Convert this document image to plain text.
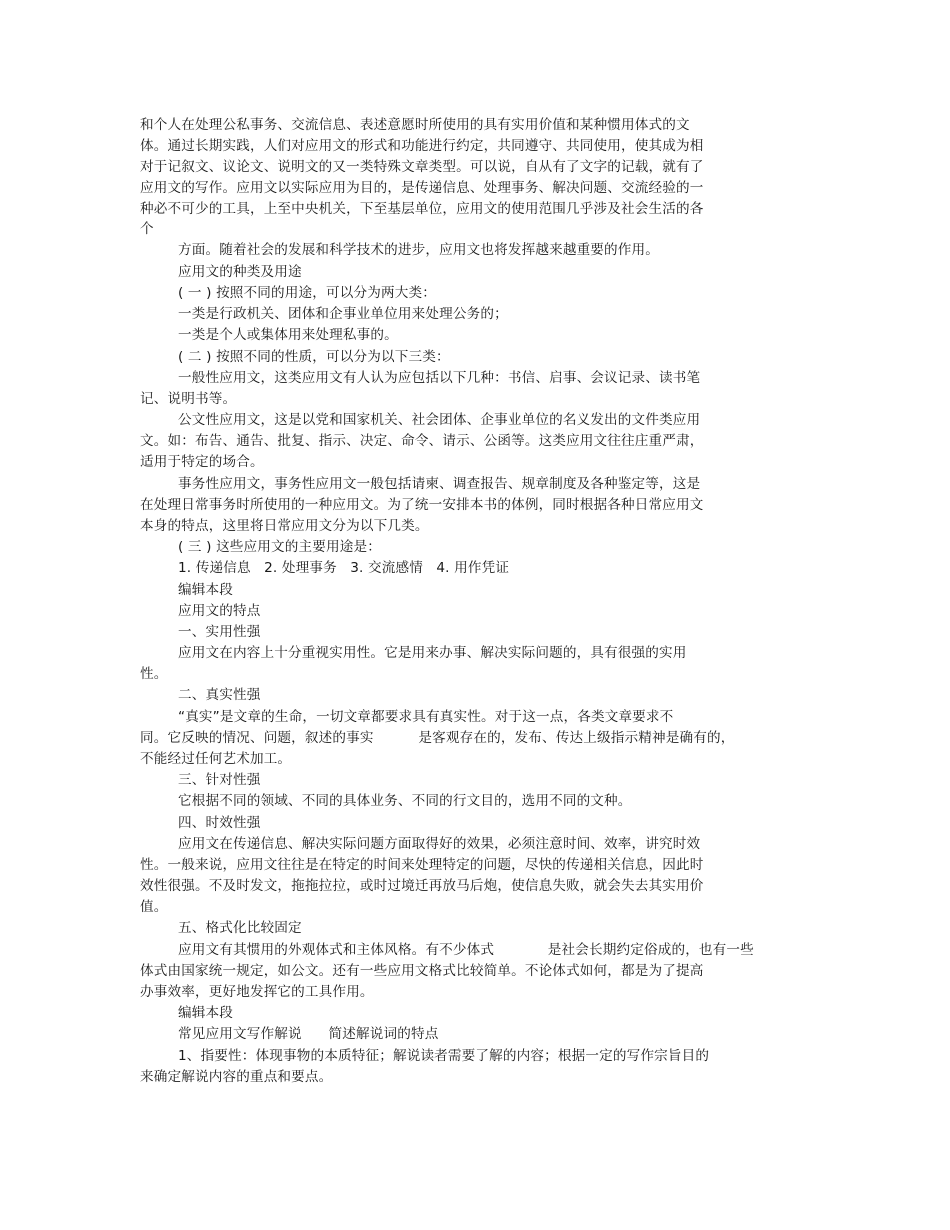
和个人在处理公私事务、交流信息、表述意愿时所使用的具有实用价值和某种惯用体式的文
体。通过长期实践，人们对应用文的形式和功能进行约定，共同遵守、共同使用，使其成为相
对于记叙文、议论文、说明文的又一类特殊文章类型。可以说，自从有了文字的记载，就有了
应用文的写作。应用文以实际应用为目的，是传递信息、处理事务、解决问题、交流经验的一
种必不可少的工具，上至中央机关，下至基层单位，应用文的使用范围几乎涉及社会生活的各
个
方面。随着社会的发展和科学技术的进步，应用文也将发挥越来越重要的作用。
应用文的种类及用途
( 一 ) 按照不同的用途，可以分为两大类：
一类是行政机关、团体和企事业单位用来处理公务的；
一类是个人或集体用来处理私事的。
( 二 ) 按照不同的性质，可以分为以下三类：
一般性应用文，这类应用文有人认为应包括以下几种：书信、启事、会议记录、读书笔
记、说明书等。
公文性应用文，这是以党和国家机关、社会团体、企事业单位的名义发出的文件类应用
文。如：布告、通告、批复、指示、决定、命令、请示、公函等。这类应用文往往庄重严肃，
适用于特定的场合。
事务性应用文，事务性应用文一般包括请柬、调查报告、规章制度及各种鉴定等，这是
在处理日常事务时所使用的一种应用文。为了统一安排本书的体例，同时根据各种日常应用文
本身的特点，这里将日常应用文分为以下几类。
( 三 ) 这些应用文的主要用途是：
1. 传递信息   2. 处理事务   3. 交流感情   4. 用作凭证
编辑本段
应用文的特点
一、实用性强
应用文在内容上十分重视实用性。它是用来办事、解决实际问题的，具有很强的实用
性。
二、真实性强
“真实”是文章的生命，一切文章都要求具有真实性。对于这一点，各类文章要求不
同。它反映的情况、问题，叙述的事实          是客观存在的，发布、传达上级指示精神是确有的，
不能经过任何艺术加工。
三、针对性强
它根据不同的领域、不同的具体业务、不同的行文目的，选用不同的文种。
四、时效性强
应用文在传递信息、解决实际问题方面取得好的效果，必须注意时间、效率，讲究时效
性。一般来说，应用文往往是在特定的时间来处理特定的问题，尽快的传递相关信息，因此时
效性很强。不及时发文，拖拖拉拉，或时过境迁再放马后炮，使信息失败，就会失去其实用价
值。
五、格式化比较固定
应用文有其惯用的外观体式和主体风格。有不少体式            是社会长期约定俗成的，也有一些
体式由国家统一规定，如公文。还有一些应用文格式比较简单。不论体式如何，都是为了提高
办事效率，更好地发挥它的工具作用。
编辑本段
常见应用文写作解说      简述解说词的特点
1、指要性：体现事物的本质特征；解说读者需要了解的内容；根据一定的写作宗旨目的
来确定解说内容的重点和要点。
